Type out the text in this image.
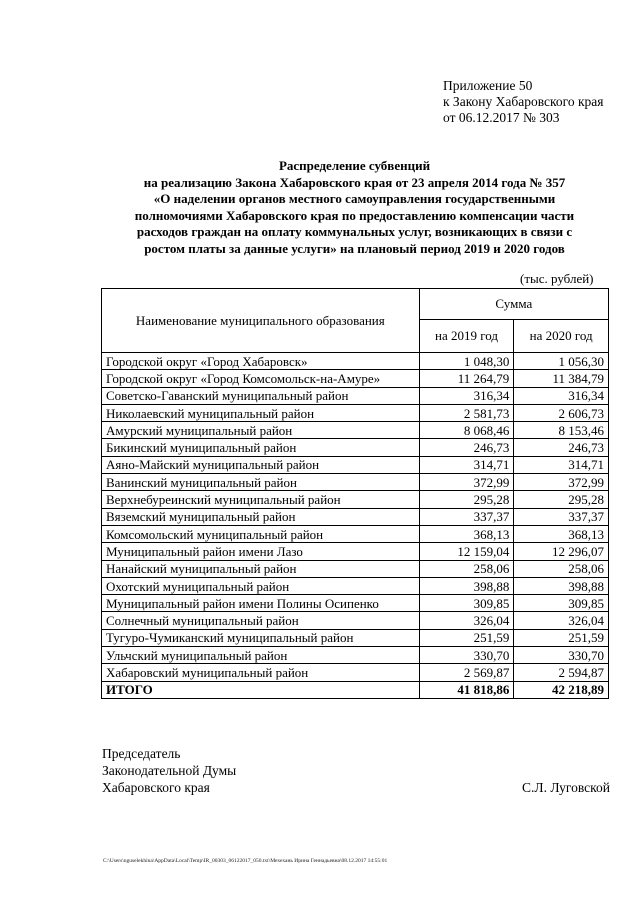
Приложение 50
к Закону Хабаровского края
от 06.12.2017 № 303
Распределение субвенций
на реализацию Закона Хабаровского края от 23 апреля 2014 года № 357
«О наделении органов местного самоуправления государственными
полномочиями Хабаровского края по предоставлению компенсации части
расходов граждан на оплату коммунальных услуг, возникающих в связи с
ростом платы за данные услуги» на плановый период 2019 и 2020 годов
(тыс. рублей)
Наименование муниципального образования	Сумма	
	на 2019 год	на 2020 год
Городской округ «Город Хабаровск»	1 048,30	1 056,30
Городской округ «Город Комсомольск-на-Амуре»	11 264,79	11 384,79
Советско-Гаванский муниципальный район	316,34	316,34
Николаевский муниципальный район	2 581,73	2 606,73
Амурский муниципальный район	8 068,46	8 153,46
Бикинский муниципальный район	246,73	246,73
Аяно-Майский муниципальный район	314,71	314,71
Ванинский муниципальный район	372,99	372,99
Верхнебуреинский муниципальный район	295,28	295,28
Вяземский муниципальный район	337,37	337,37
Комсомольский муниципальный район	368,13	368,13
Муниципальный район имени Лазо	12 159,04	12 296,07
Нанайский муниципальный район	258,06	258,06
Охотский муниципальный район	398,88	398,88
Муниципальный район имени Полины Осипенко	309,85	309,85
Солнечный муниципальный район	326,04	326,04
Тугуро-Чумиканский муниципальный район	251,59	251,59
Ульчский муниципальный район	330,70	330,70
Хабаровский муниципальный район	2 569,87	2 594,87
ИТОГО	41 818,86	42 218,89
Председатель
Законодательной Думы
Хабаровского края	С.Л. Луговской
C:\Users\nguselekhina\AppData\Local\Temp\IR_00303_06122017_050.txt\Мехехань Ирина Геннадьевна\08.12.2017 14:55:01
